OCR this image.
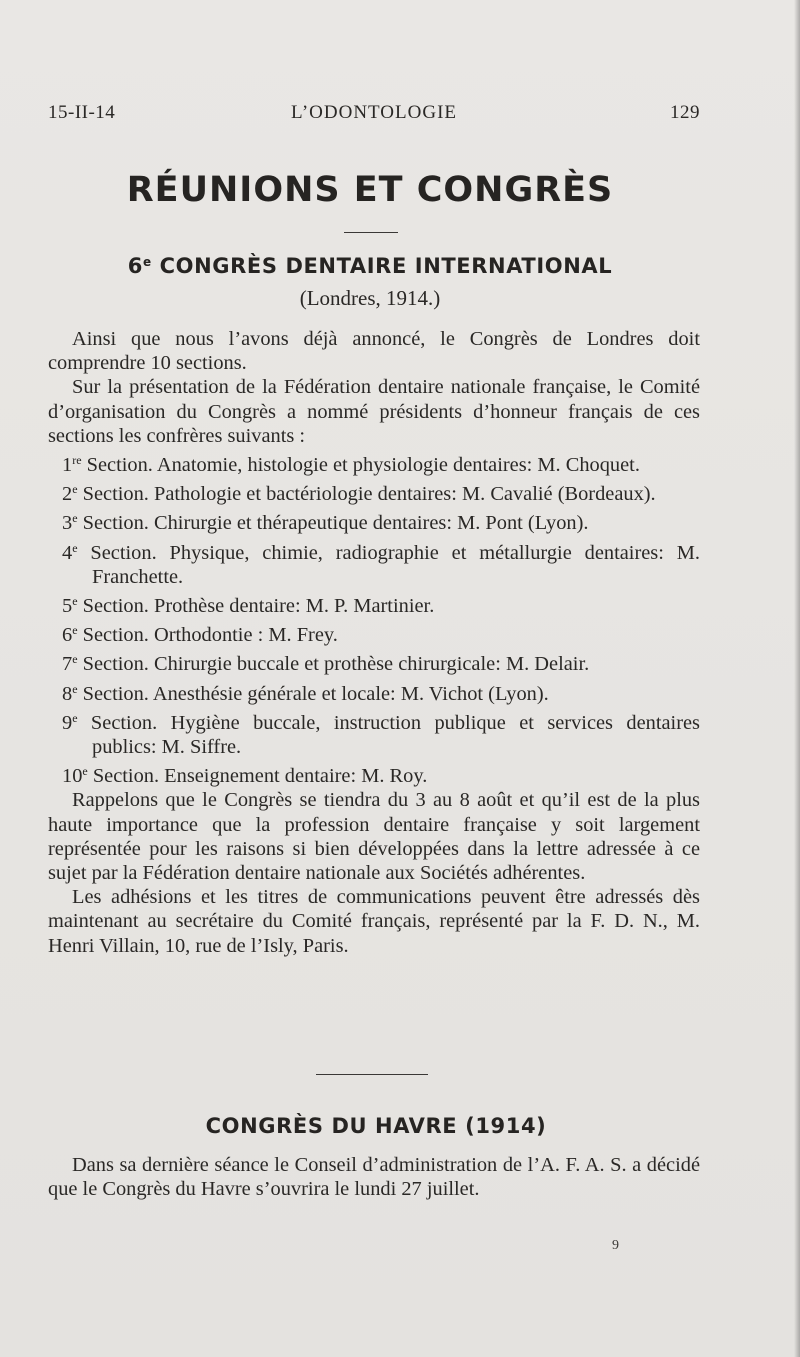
15-II-14	L’ODONTOLOGIE	129
RÉUNIONS ET CONGRÈS
6e CONGRÈS DENTAIRE INTERNATIONAL
(Londres, 1914.)

Ainsi que nous l’avons déjà annoncé, le Congrès de Londres doit comprendre 10 sections.

Sur la présentation de la Fédération dentaire nationale française, le Comité d’organisation du Congrès a nommé présidents d’honneur français de ces sections les confrères suivants :

1re Section. Anatomie, histologie et physiologie dentaires: M. Choquet.

2e Section. Pathologie et bactériologie dentaires: M. Cavalié (Bordeaux).

3e Section. Chirurgie et thérapeutique dentaires: M. Pont (Lyon).

4e Section. Physique, chimie, radiographie et métallurgie dentaires: M. Franchette.

5e Section. Prothèse dentaire: M. P. Martinier.

6e Section. Orthodontie : M. Frey.

7e Section. Chirurgie buccale et prothèse chirurgicale: M. Delair.

8e Section. Anesthésie générale et locale: M. Vichot (Lyon).

9e Section. Hygiène buccale, instruction publique et services dentaires publics: M. Siffre.

10e Section. Enseignement dentaire: M. Roy.

Rappelons que le Congrès se tiendra du 3 au 8 août et qu’il est de la plus haute importance que la profession dentaire française y soit largement représentée pour les raisons si bien développées dans la lettre adressée à ce sujet par la Fédération dentaire nationale aux Sociétés adhérentes.

Les adhésions et les titres de communications peuvent être adressés dès maintenant au secrétaire du Comité français, représenté par la F. D. N., M. Henri Villain, 10, rue de l’Isly, Paris.

CONGRÈS DU HAVRE (1914)

Dans sa dernière séance le Conseil d’administration de l’A. F. A. S. a décidé que le Congrès du Havre s’ouvrira le lundi 27 juillet.

9
